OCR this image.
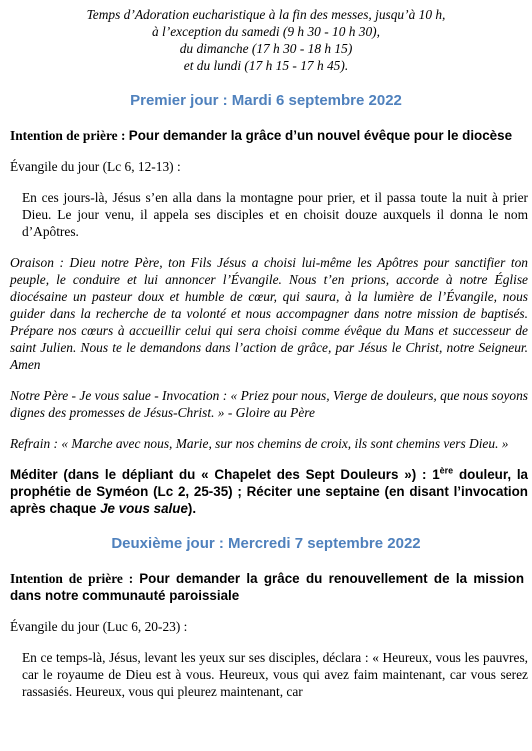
Temps d’Adoration eucharistique à la fin des messes, jusqu’à 10 h,
à l’exception du samedi (9 h 30 - 10 h 30),
du dimanche (17 h 30 - 18 h 15)
et du lundi (17 h 15 - 17 h 45).
Premier jour : Mardi 6 septembre 2022
Intention de prière : Pour demander la grâce d’un nouvel évêque pour le diocèse
Évangile du jour (Lc 6, 12-13) :
En ces jours-là, Jésus s’en alla dans la montagne pour prier, et il passa toute la nuit à prier Dieu. Le jour venu, il appela ses disciples et en choisit douze auxquels il donna le nom d’Apôtres.
Oraison : Dieu notre Père, ton Fils Jésus a choisi lui-même les Apôtres pour sanctifier ton peuple, le conduire et lui annoncer l’Évangile. Nous t’en prions, accorde à notre Église diocésaine un pasteur doux et humble de cœur, qui saura, à la lumière de l’Évangile, nous guider dans la recherche de ta volonté et nous accompagner dans notre mission de baptisés. Prépare nos cœurs à accueillir celui qui sera choisi comme évêque du Mans et successeur de saint Julien. Nous te le demandons dans l’action de grâce, par Jésus le Christ, notre Seigneur. Amen
Notre Père - Je vous salue - Invocation : « Priez pour nous, Vierge de douleurs, que nous soyons dignes des promesses de Jésus-Christ. » - Gloire au Père
Refrain : « Marche avec nous, Marie, sur nos chemins de croix, ils sont chemins vers Dieu. »
Méditer (dans le dépliant du « Chapelet des Sept Douleurs ») : 1ère douleur, la prophétie de Syméon (Lc 2, 25-35) ; Réciter une septaine (en disant l’invocation après chaque Je vous salue).
Deuxième jour : Mercredi 7 septembre 2022
Intention de prière : Pour demander la grâce du renouvellement de la mission dans notre communauté paroissiale
Évangile du jour (Luc 6, 20-23) :
En ce temps-là, Jésus, levant les yeux sur ses disciples, déclara : « Heureux, vous les pauvres, car le royaume de Dieu est à vous. Heureux, vous qui avez faim maintenant, car vous serez rassasiés. Heureux, vous qui pleurez maintenant, car
